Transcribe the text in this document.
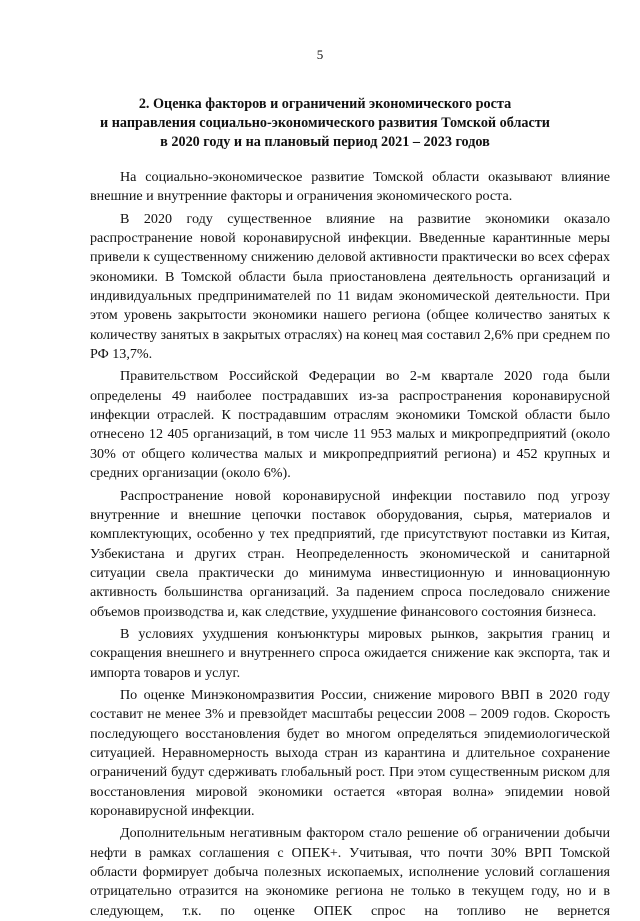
5
2. Оценка факторов и ограничений экономического роста
и направления социально-экономического развития Томской области
в 2020 году и на плановый период 2021 – 2023 годов

На социально-экономическое развитие Томской области оказывают влияние внешние и внутренние факторы и ограничения экономического роста.

В 2020 году существенное влияние на развитие экономики оказало распространение новой коронавирусной инфекции. Введенные карантинные меры привели к существенному снижению деловой активности практически во всех сферах экономики. В Томской области была приостановлена деятельность организаций и индивидуальных предпринимателей по 11 видам экономической деятельности. При этом уровень закрытости экономики нашего региона (общее количество занятых к количеству занятых в закрытых отраслях) на конец мая составил 2,6% при среднем по РФ 13,7%.

Правительством Российской Федерации во 2-м квартале 2020 года были определены 49 наиболее пострадавших из-за распространения коронавирусной инфекции отраслей. К пострадавшим отраслям экономики Томской области было отнесено 12 405 организаций, в том числе 11 953 малых и микропредприятий (около 30% от общего количества малых и микропредприятий региона) и 452 крупных и средних организации (около 6%).

Распространение новой коронавирусной инфекции поставило под угрозу внутренние и внешние цепочки поставок оборудования, сырья, материалов и комплектующих, особенно у тех предприятий, где присутствуют поставки из Китая, Узбекистана и других стран. Неопределенность экономической и санитарной ситуации свела практически до минимума инвестиционную и инновационную активность большинства организаций. За падением спроса последовало снижение объемов производства и, как следствие, ухудшение финансового состояния бизнеса.

В условиях ухудшения конъюнктуры мировых рынков, закрытия границ и сокращения внешнего и внутреннего спроса ожидается снижение как экспорта, так и импорта товаров и услуг.

По оценке Минэкономразвития России, снижение мирового ВВП в 2020 году составит не менее 3% и превзойдет масштабы рецессии 2008 – 2009 годов. Скорость последующего восстановления будет во многом определяться эпидемиологической ситуацией. Неравномерность выхода стран из карантина и длительное сохранение ограничений будут сдерживать глобальный рост. При этом существенным риском для восстановления мировой экономики остается «вторая волна» эпидемии новой коронавирусной инфекции.

Дополнительным негативным фактором стало решение об ограничении добычи нефти в рамках соглашения с ОПЕК+. Учитывая, что почти 30% ВРП Томской области формирует добыча полезных ископаемых, исполнение условий соглашения отрицательно отразится на экономике региона не только в текущем году, но и в следующем, т.к. по оценке ОПЕК спрос на топливо не вернется
